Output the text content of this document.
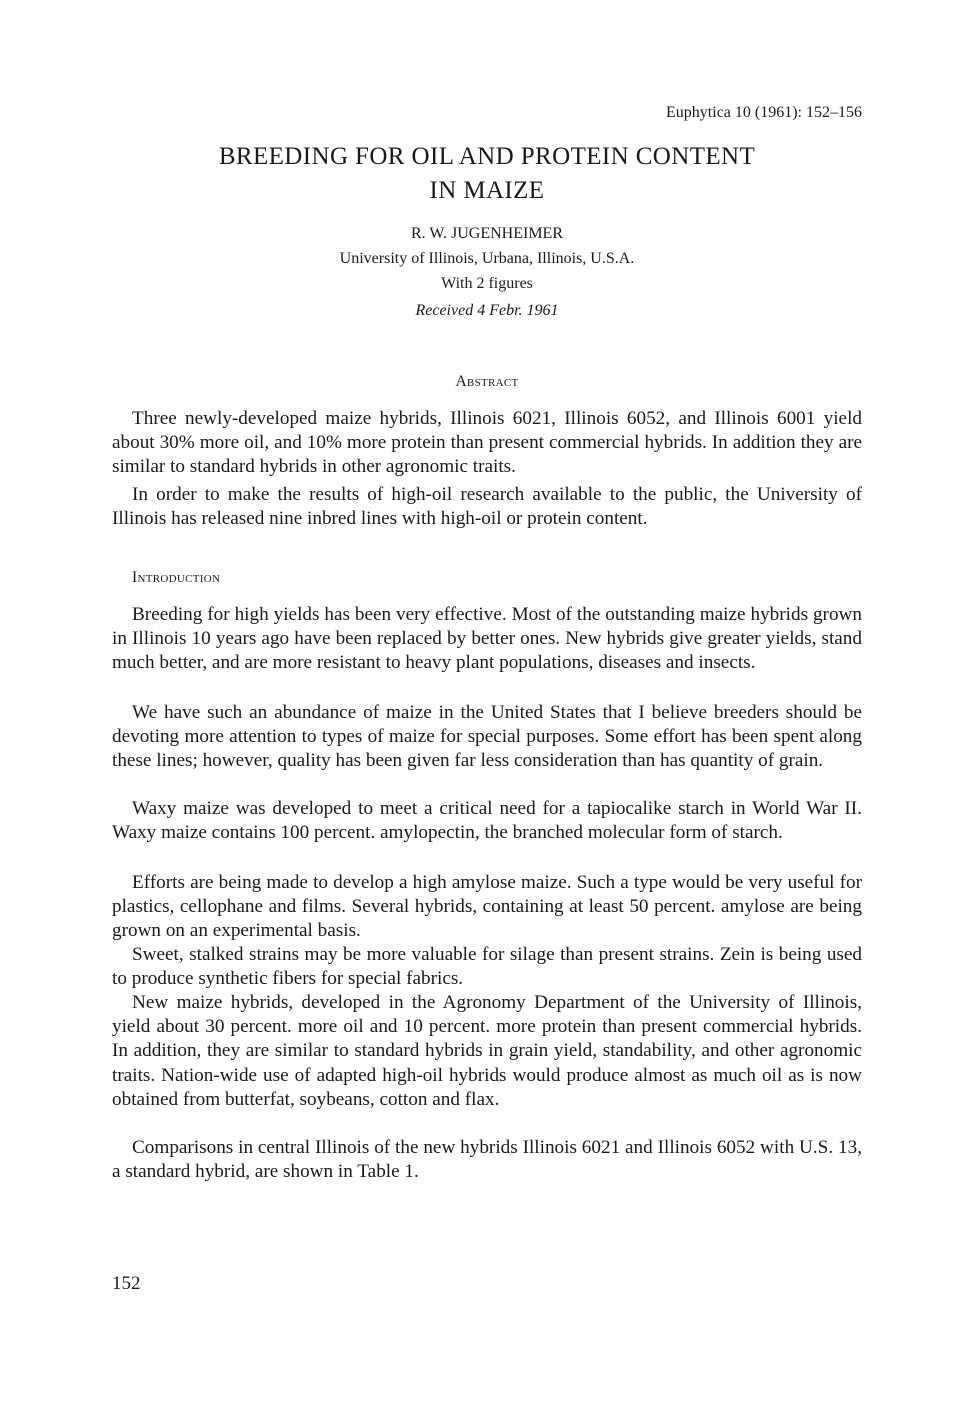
Euphytica 10 (1961): 152–156
BREEDING FOR OIL AND PROTEIN CONTENT
IN MAIZE
R. W. JUGENHEIMER
University of Illinois, Urbana, Illinois, U.S.A.
With 2 figures
Received 4 Febr. 1961
Abstract

Three newly-developed maize hybrids, Illinois 6021, Illinois 6052, and Illinois 6001 yield about 30% more oil, and 10% more protein than present commercial hybrids. In addition they are similar to standard hybrids in other agronomic traits.

In order to make the results of high-oil research available to the public, the University of Illinois has released nine inbred lines with high-oil or protein content.

Introduction

Breeding for high yields has been very effective. Most of the outstanding maize hybrids grown in Illinois 10 years ago have been replaced by better ones. New hybrids give greater yields, stand much better, and are more resistant to heavy plant populations, diseases and insects.

We have such an abundance of maize in the United States that I believe breeders should be devoting more attention to types of maize for special purposes. Some effort has been spent along these lines; however, quality has been given far less consideration than has quantity of grain.

Waxy maize was developed to meet a critical need for a tapiocalike starch in World War II. Waxy maize contains 100 percent. amylopectin, the branched molecular form of starch.

Efforts are being made to develop a high amylose maize. Such a type would be very useful for plastics, cellophane and films. Several hybrids, containing at least 50 percent. amylose are being grown on an experimental basis.

Sweet, stalked strains may be more valuable for silage than present strains. Zein is being used to produce synthetic fibers for special fabrics.

New maize hybrids, developed in the Agronomy Department of the University of Illinois, yield about 30 percent. more oil and 10 percent. more protein than present commercial hybrids. In addition, they are similar to standard hybrids in grain yield, standability, and other agronomic traits. Nation-wide use of adapted high-oil hybrids would produce almost as much oil as is now obtained from butterfat, soybeans, cotton and flax.

Comparisons in central Illinois of the new hybrids Illinois 6021 and Illinois 6052 with U.S. 13, a standard hybrid, are shown in Table 1.

152
